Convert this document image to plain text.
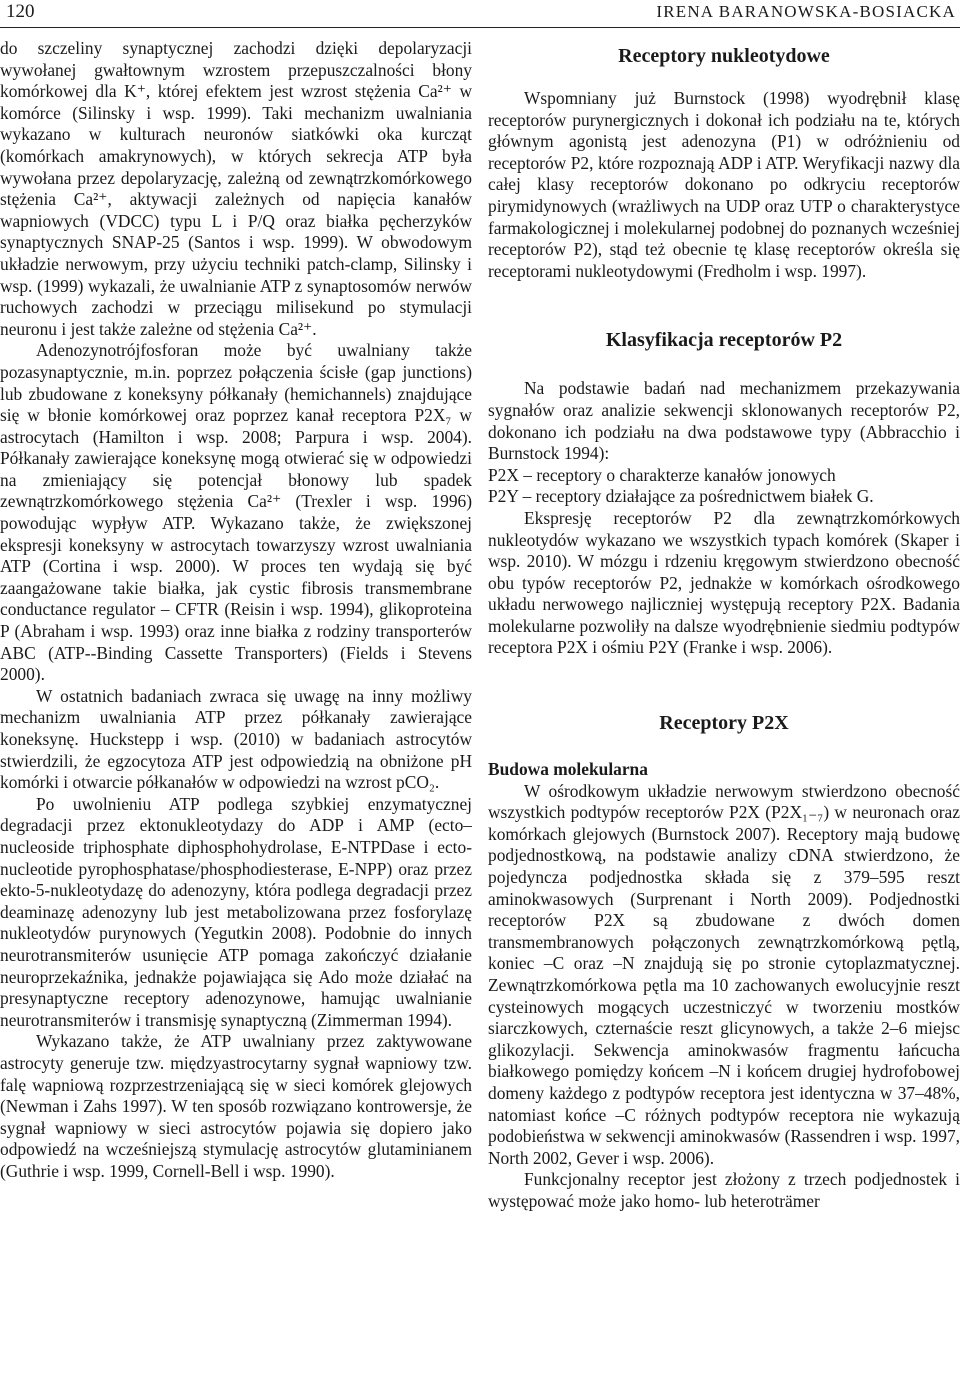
120	IRENA BARANOWSKA-BOSIACKA

do szczeliny synaptycznej zachodzi dzięki depolaryzacji wywołanej gwałtownym wzrostem przepuszczalności błony komórkowej dla K⁺, której efektem jest wzrost stężenia Ca²⁺ w komórce (Silinsky i wsp. 1999). Taki mechanizm uwalniania wykazano w kulturach neuronów siatkówki oka kurcząt (komórkach amakrynowych), w których sekrecja ATP była wywołana przez depolaryzację, zależną od zewnątrzkomórkowego stężenia Ca²⁺, aktywacji zależnych od napięcia kanałów wapniowych (VDCC) typu L i P/Q oraz białka pęcherzyków synaptycznych SNAP-25 (Santos i wsp. 1999). W obwodowym układzie nerwowym, przy użyciu techniki patch-clamp, Silinsky i wsp. (1999) wykazali, że uwalnianie ATP z synaptosomów nerwów ruchowych zachodzi w przeciągu milisekund po stymulacji neuronu i jest także zależne od stężenia Ca²⁺.

Adenozynotrójfosforan może być uwalniany także pozasynaptycznie, m.in. poprzez połączenia ścisłe (gap junctions) lub zbudowane z koneksyny półkanały (hemichannels) znajdujące się w błonie komórkowej oraz poprzez kanał receptora P2X₇ w astrocytach (Hamilton i wsp. 2008; Parpura i wsp. 2004). Półkanały zawierające koneksynę mogą otwierać się w odpowiedzi na zmieniający się potencjał błonowy lub spadek zewnątrzkomórkowego stężenia Ca²⁺ (Trexler i wsp. 1996) powodując wypływ ATP. Wykazano także, że zwiększonej ekspresji koneksyny w astrocytach towarzyszy wzrost uwalniania ATP (Cortina i wsp. 2000). W proces ten wydają się być zaangażowane takie białka, jak cystic fibrosis transmembrane conductance regulator – CFTR (Reisin i wsp. 1994), glikoproteina P (Abraham i wsp. 1993) oraz inne białka z rodziny transporterów ABC (ATP--Binding Cassette Transporters) (Fields i Stevens 2000).

W ostatnich badaniach zwraca się uwagę na inny możliwy mechanizm uwalniania ATP przez półkanały zawierające koneksynę. Huckstepp i wsp. (2010) w badaniach astrocytów stwierdzili, że egzocytoza ATP jest odpowiedzią na obniżone pH komórki i otwarcie półkanałów w odpowiedzi na wzrost pCO₂.

Po uwolnieniu ATP podlega szybkiej enzymatycznej degradacji przez ektonukleotydazy do ADP i AMP (ecto–nucleoside triphosphate diphosphohydrolase, E-NTPDase i ecto-nucleotide pyrophosphatase/phosphodiesterase, E-NPP) oraz przez ekto-5-nukleotydazę do adenozyny, która podlega degradacji przez deaminazę adenozyny lub jest metabolizowana przez fosforylazę nukleotydów purynowych (Yegutkin 2008). Podobnie do innych neurotransmiterów usunięcie ATP pomaga zakończyć działanie neuroprzekaźnika, jednakże pojawiająca się Ado może działać na presynaptyczne receptory adenozynowe, hamując uwalnianie neurotransmiterów i transmisję synaptyczną (Zimmerman 1994).

Wykazano także, że ATP uwalniany przez zaktywowane astrocyty generuje tzw. międzyastrocytarny sygnał wapniowy tzw. falę wapniową rozprzestrzeniającą się w sieci komórek glejowych (Newman i Zahs 1997). W ten sposób rozwiązano kontrowersje, że sygnał wapniowy w sieci astrocytów pojawia się dopiero jako odpowiedź na wcześniejszą stymulację astrocytów glutaminianem (Guthrie i wsp. 1999, Cornell-Bell i wsp. 1990).

Receptory nukleotydowe

Wspomniany już Burnstock (1998) wyodrębnił klasę receptorów purynergicznych i dokonał ich podziału na te, których głównym agonistą jest adenozyna (P1) w odróżnieniu od receptorów P2, które rozpoznają ADP i ATP. Weryfikacji nazwy dla całej klasy receptorów dokonano po odkryciu receptorów pirymidynowych (wrażliwych na UDP oraz UTP o charakterystyce farmakologicznej i molekularnej podobnej do poznanych wcześniej receptorów P2), stąd też obecnie tę klasę receptorów określa się receptorami nukleotydowymi (Fredholm i wsp. 1997).

Klasyfikacja receptorów P2

Na podstawie badań nad mechanizmem przekazywania sygnałów oraz analizie sekwencji sklonowanych receptorów P2, dokonano ich podziału na dwa podstawowe typy (Abbracchio i Burnstock 1994):

P2X – receptory o charakterze kanałów jonowych

P2Y – receptory działające za pośrednictwem białek G.

Ekspresję receptorów P2 dla zewnątrzkomórkowych nukleotydów wykazano we wszystkich typach komórek (Skaper i wsp. 2010). W mózgu i rdzeniu kręgowym stwierdzono obecność obu typów receptorów P2, jednakże w komórkach ośrodkowego układu nerwowego najliczniej występują receptory P2X. Badania molekularne pozwoliły na dalsze wyodrębnienie siedmiu podtypów receptora P2X i ośmiu P2Y (Franke i wsp. 2006).

Receptory P2X

Budowa molekularna

W ośrodkowym układzie nerwowym stwierdzono obecność wszystkich podtypów receptorów P2X (P2X₁₋₇) w neuronach oraz komórkach glejowych (Burnstock 2007). Receptory mają budowę podjednostkową, na podstawie analizy cDNA stwierdzono, że pojedyncza podjednostka składa się z 379–595 reszt aminokwasowych (Surprenant i North 2009). Podjednostki receptorów P2X są zbudowane z dwóch domen transmembranowych połączonych zewnątrzkomórkową pętlą, koniec –C oraz –N znajdują się po stronie cytoplazmatycznej. Zewnątrzkomórkowa pętla ma 10 zachowanych ewolucyjnie reszt cysteinowych mogących uczestniczyć w tworzeniu mostków siarczkowych, czternaście reszt glicynowych, a także 2–6 miejsc glikozylacji. Sekwencja aminokwasów fragmentu łańcucha białkowego pomiędzy końcem –N i końcem drugiej hydrofobowej domeny każdego z podtypów receptora jest identyczna w 37–48%, natomiast końce –C różnych podtypów receptora nie wykazują podobieństwa w sekwencji aminokwasów (Rassendren i wsp. 1997, North 2002, Gever i wsp. 2006).

Funkcjonalny receptor jest złożony z trzech podjednostek i występować może jako homo- lub heteroträmer
